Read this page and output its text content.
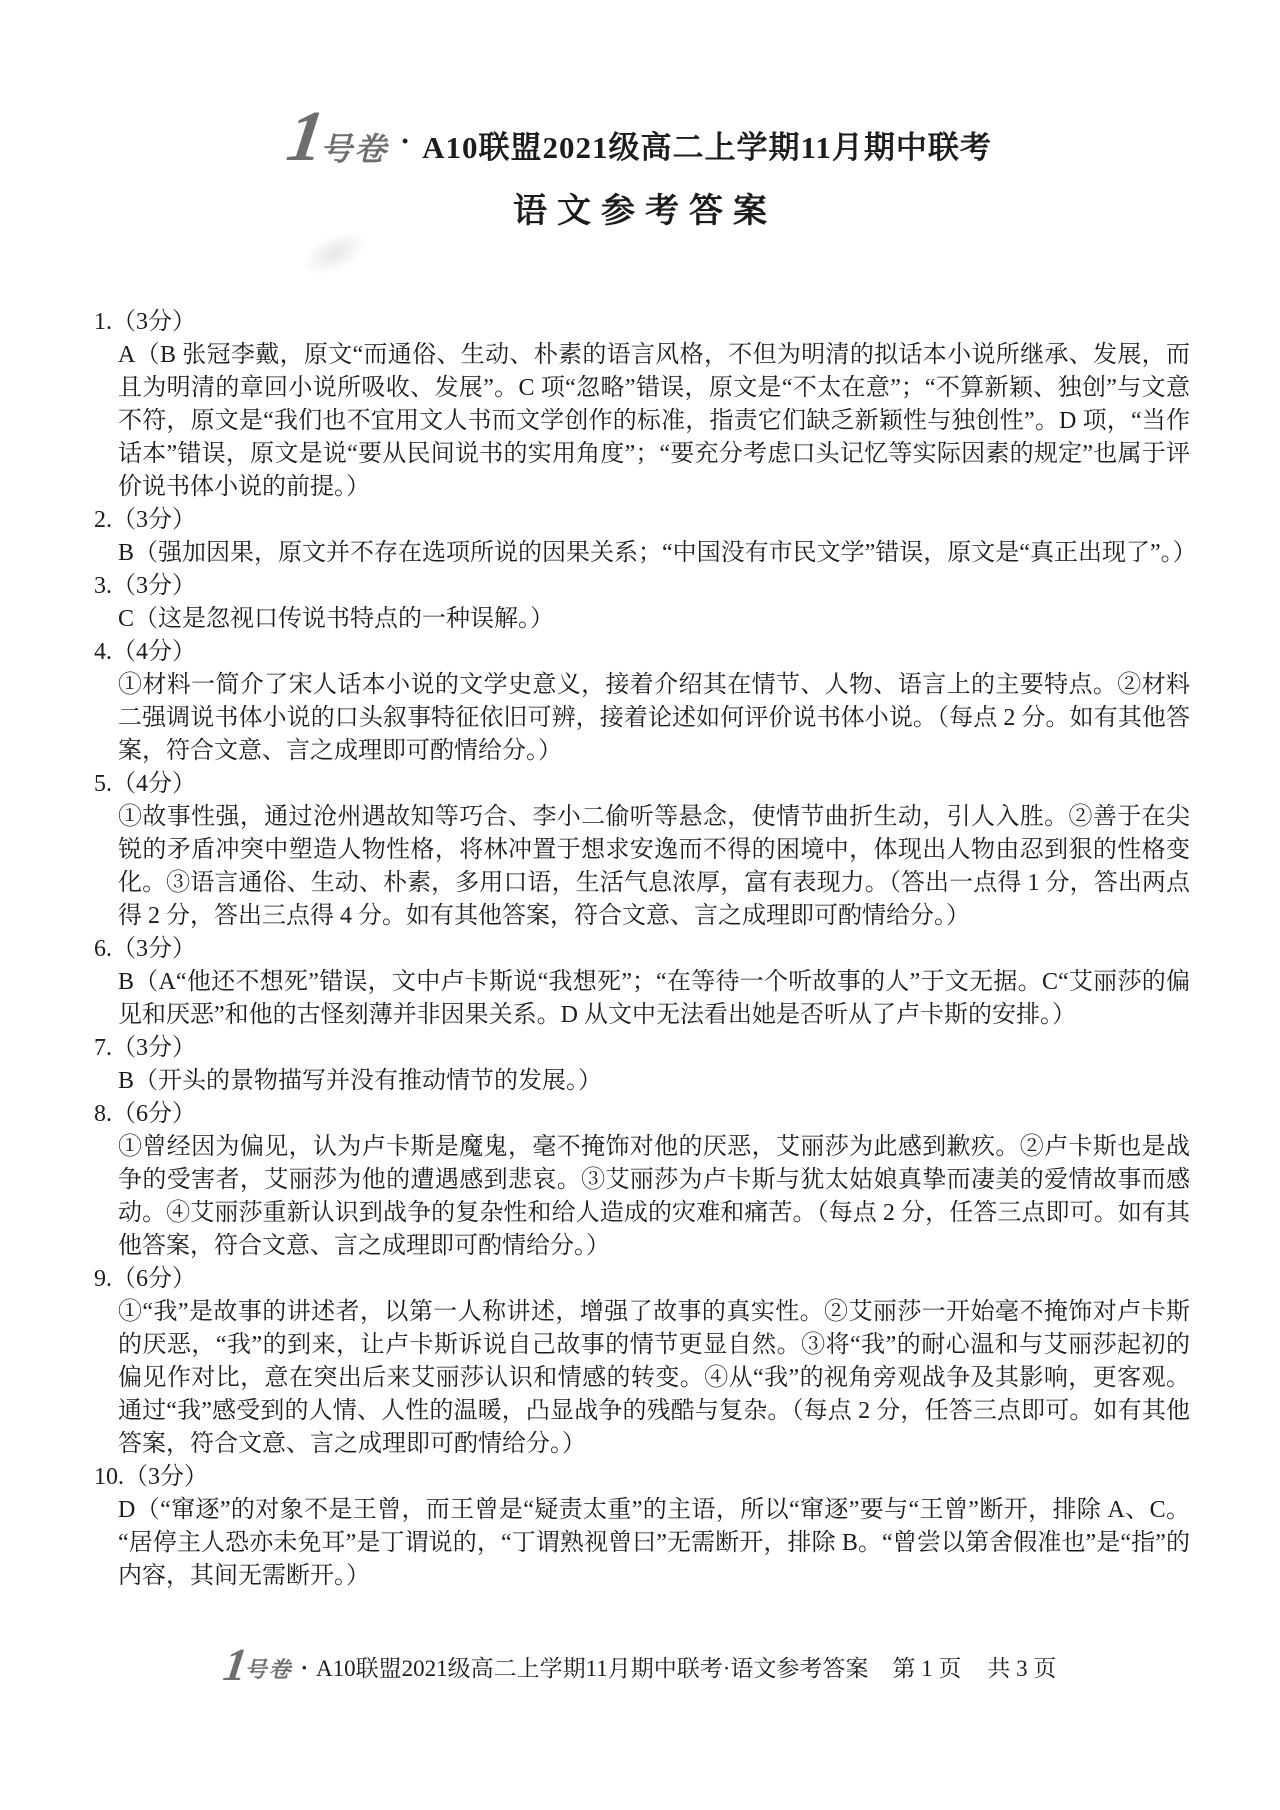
1
号卷 · A10联盟2021级高二上学期11月期中联考
语文参考答案
1.（3分）

A（B 张冠李戴，原文“而通俗、生动、朴素的语言风格，不但为明清的拟话本小说所继承、发展，而且为明清的章回小说所吸收、发展”。C 项“忽略”错误，原文是“不太在意”；“不算新颖、独创”与文意不符，原文是“我们也不宜用文人书而文学创作的标准，指责它们缺乏新颖性与独创性”。D 项，“当作话本”错误，原文是说“要从民间说书的实用角度”；“要充分考虑口头记忆等实际因素的规定”也属于评价说书体小说的前提。）

2.（3分）

B（强加因果，原文并不存在选项所说的因果关系；“中国没有市民文学”错误，原文是“真正出现了”。）

3.（3分）

C（这是忽视口传说书特点的一种误解。）

4.（4分）

①材料一简介了宋人话本小说的文学史意义，接着介绍其在情节、人物、语言上的主要特点。②材料二强调说书体小说的口头叙事特征依旧可辨，接着论述如何评价说书体小说。（每点 2 分。如有其他答案，符合文意、言之成理即可酌情给分。）

5.（4分）

①故事性强，通过沧州遇故知等巧合、李小二偷听等悬念，使情节曲折生动，引人入胜。②善于在尖锐的矛盾冲突中塑造人物性格，将林冲置于想求安逸而不得的困境中，体现出人物由忍到狠的性格变化。③语言通俗、生动、朴素，多用口语，生活气息浓厚，富有表现力。（答出一点得 1 分，答出两点得 2 分，答出三点得 4 分。如有其他答案，符合文意、言之成理即可酌情给分。）

6.（3分）

B（A“他还不想死”错误，文中卢卡斯说“我想死”；“在等待一个听故事的人”于文无据。C“艾丽莎的偏见和厌恶”和他的古怪刻薄并非因果关系。D 从文中无法看出她是否听从了卢卡斯的安排。）

7.（3分）

B（开头的景物描写并没有推动情节的发展。）

8.（6分）

①曾经因为偏见，认为卢卡斯是魔鬼，毫不掩饰对他的厌恶，艾丽莎为此感到歉疚。②卢卡斯也是战争的受害者，艾丽莎为他的遭遇感到悲哀。③艾丽莎为卢卡斯与犹太姑娘真挚而凄美的爱情故事而感动。④艾丽莎重新认识到战争的复杂性和给人造成的灾难和痛苦。（每点 2 分，任答三点即可。如有其他答案，符合文意、言之成理即可酌情给分。）

9.（6分）

①“我”是故事的讲述者，以第一人称讲述，增强了故事的真实性。②艾丽莎一开始毫不掩饰对卢卡斯的厌恶，“我”的到来，让卢卡斯诉说自己故事的情节更显自然。③将“我”的耐心温和与艾丽莎起初的偏见作对比，意在突出后来艾丽莎认识和情感的转变。④从“我”的视角旁观战争及其影响，更客观。通过“我”感受到的人情、人性的温暖，凸显战争的残酷与复杂。（每点 2 分，任答三点即可。如有其他答案，符合文意、言之成理即可酌情给分。）

10.（3分）

D（“窜逐”的对象不是王曾，而王曾是“疑责太重”的主语，所以“窜逐”要与“王曾”断开，排除 A、C。“居停主人恐亦未免耳”是丁谓说的，“丁谓熟视曾曰”无需断开，排除 B。“曾尝以第舍假准也”是“指”的内容，其间无需断开。）

1
号卷 · A10联盟2021级高二上学期11月期中联考·语文参考答案 第 1 页 共 3 页
